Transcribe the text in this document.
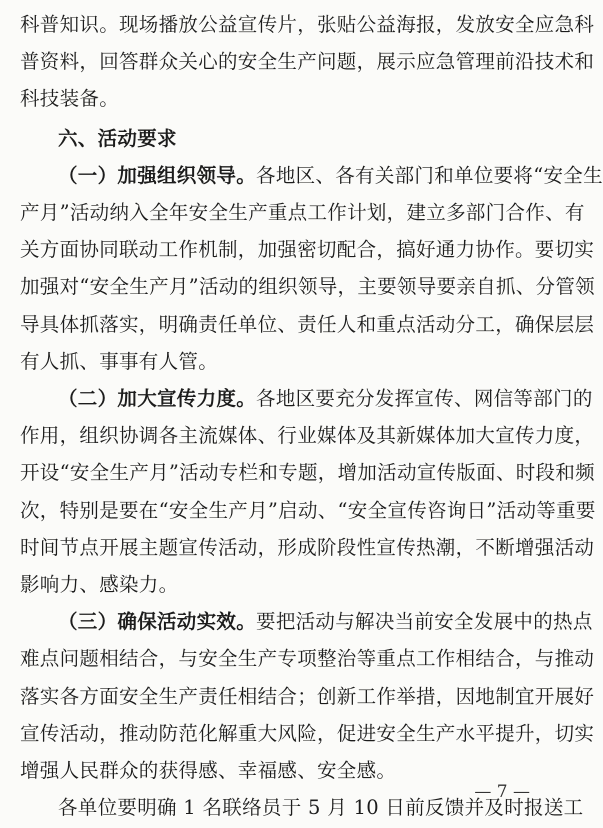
科普知识。现场播放公益宣传片，张贴公益海报，发放安全应急科
普资料，回答群众关心的安全生产问题，展示应急管理前沿技术和
科技装备。
六、活动要求
（一）加强组织领导。各地区、各有关部门和单位要将“安全生
产月”活动纳入全年安全生产重点工作计划，建立多部门合作、有
关方面协同联动工作机制，加强密切配合，搞好通力协作。要切实
加强对“安全生产月”活动的组织领导，主要领导要亲自抓、分管领
导具体抓落实，明确责任单位、责任人和重点活动分工，确保层层
有人抓、事事有人管。
（二）加大宣传力度。各地区要充分发挥宣传、网信等部门的
作用，组织协调各主流媒体、行业媒体及其新媒体加大宣传力度，
开设“安全生产月”活动专栏和专题，增加活动宣传版面、时段和频
次，特别是要在“安全生产月”启动、“安全宣传咨询日”活动等重要
时间节点开展主题宣传活动，形成阶段性宣传热潮，不断增强活动
影响力、感染力。
（三）确保活动实效。要把活动与解决当前安全发展中的热点
难点问题相结合，与安全生产专项整治等重点工作相结合，与推动
落实各方面安全生产责任相结合；创新工作举措，因地制宜开展好
宣传活动，推动防范化解重大风险，促进安全生产水平提升，切实
增强人民群众的获得感、幸福感、安全感。
各单位要明确 1 名联络员于 5 月 10 日前反馈并及时报送工
— 7 —
